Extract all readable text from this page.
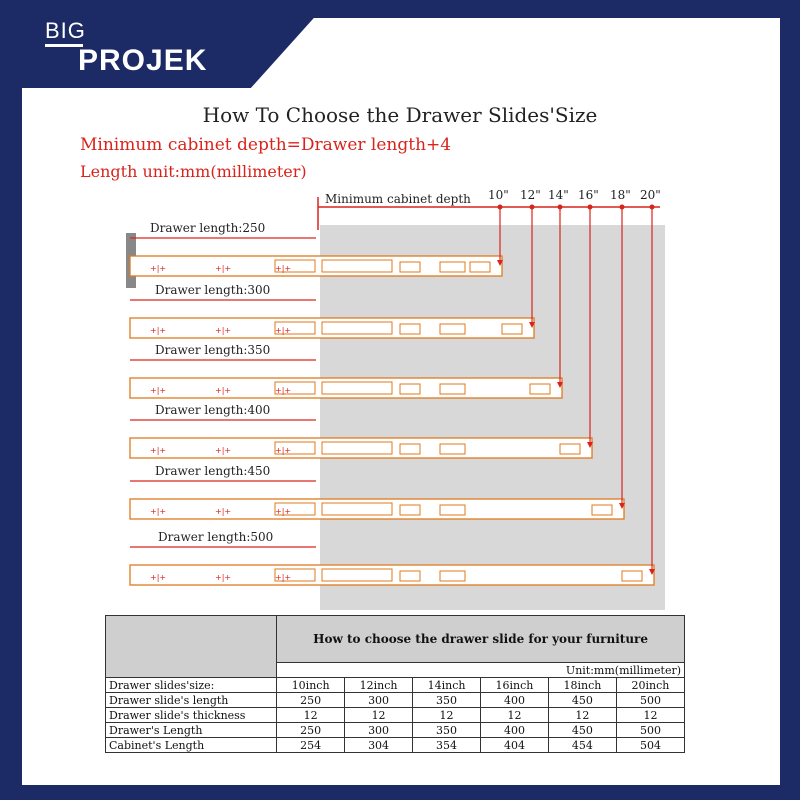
BIG
PROJEK
How To Choose the Drawer Slides'Size
Minimum cabinet depth=Drawer length+4
Length unit:mm(millimeter)
Minimum cabinet depth 10" 12" 14" 16" 18" 20"
Drawer length:250
+|+	+|+	+|+
Drawer length:300
+|+	+|+	+|+
Drawer length:350
+|+	+|+	+|+
Drawer length:400
+|+	+|+	+|+
Drawer length:450
+|+	+|+	+|+
Drawer length:500
+|+	+|+	+|+
	How to choose the drawer slide for your furniture					
	Unit:mm(millimeter)					
Drawer slides'size:	10inch	12inch	14inch	16inch	18inch	20inch
Drawer slide's length	250	300	350	400	450	500
Drawer slide's thickness	12	12	12	12	12	12
Drawer's Length	250	300	350	400	450	500
Cabinet's Length	254	304	354	404	454	504
